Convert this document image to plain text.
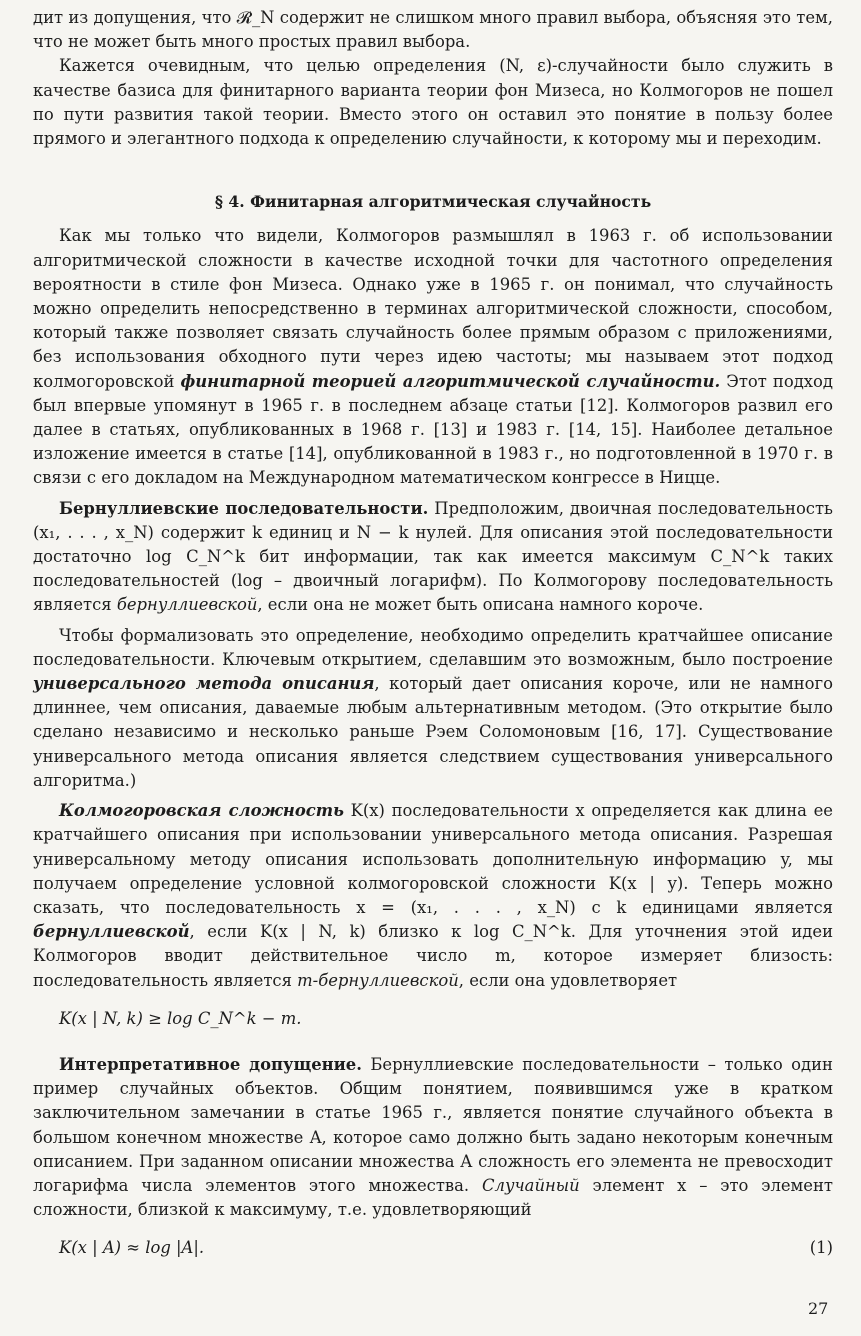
дит из допущения, что 𝓡_N содержит не слишком много правил выбора, объясняя это тем, что не может быть много простых правил выбора.

Кажется очевидным, что целью определения (N, ε)-случайности было служить в качестве базиса для финитарного варианта теории фон Мизеса, но Колмогоров не пошел по пути развития такой теории. Вместо этого он оставил это понятие в пользу более прямого и элегантного подхода к определению случайности, к которому мы и переходим.

§ 4. Финитарная алгоритмическая случайность

Как мы только что видели, Колмогоров размышлял в 1963 г. об использовании алгоритмической сложности в качестве исходной точки для частотного определения вероятности в стиле фон Мизеса. Однако уже в 1965 г. он понимал, что случайность можно определить непосредственно в терминах алгоритмической сложности, способом, который также позволяет связать случайность более прямым образом с приложениями, без использования обходного пути через идею частоты; мы называем этот подход колмогоровской финитарной теорией алгоритмической случайности. Этот подход был впервые упомянут в 1965 г. в последнем абзаце статьи [12]. Колмогоров развил его далее в статьях, опубликованных в 1968 г. [13] и 1983 г. [14, 15]. Наиболее детальное изложение имеется в статье [14], опубликованной в 1983 г., но подготовленной в 1970 г. в связи с его докладом на Международном математическом конгрессе в Ницце.

Бернуллиевские последовательности. Предположим, двоичная последовательность (x₁, . . . , x_N) содержит k единиц и N − k нулей. Для описания этой последовательности достаточно log C_N^k бит информации, так как имеется максимум C_N^k таких последовательностей (log – двоичный логарифм). По Колмогорову последовательность является бернуллиевской, если она не может быть описана намного короче.

Чтобы формализовать это определение, необходимо определить кратчайшее описание последовательности. Ключевым открытием, сделавшим это возможным, было построение универсального метода описания, который дает описания короче, или не намного длиннее, чем описания, даваемые любым альтернативным методом. (Это открытие было сделано независимо и несколько раньше Рэем Соломоновым [16, 17]. Существование универсального метода описания является следствием существования универсального алгоритма.)

Колмогоровская сложность K(x) последовательности x определяется как длина ее кратчайшего описания при использовании универсального метода описания. Разрешая универсальному методу описания использовать дополнительную информацию y, мы получаем определение условной колмогоровской сложности K(x | y). Теперь можно сказать, что последовательность x = (x₁, . . . , x_N) с k единицами является бернуллиевской, если K(x | N, k) близко к log C_N^k. Для уточнения этой идеи Колмогоров вводит действительное число m, которое измеряет близость: последовательность является m-бернуллиевской, если она удовлетворяет

K(x | N, k) ≥ log C_N^k − m.

Интерпретативное допущение. Бернуллиевские последовательности – только один пример случайных объектов. Общим понятием, появившимся уже в кратком заключительном замечании в статье 1965 г., является понятие случайного объекта в большом конечном множестве A, которое само должно быть задано некоторым конечным описанием. При заданном описании множества A сложность его элемента не превосходит логарифма числа элементов этого множества. Случайный элемент x – это элемент сложности, близкой к максимуму, т.е. удовлетворяющий

K(x | A) ≈ log |A|.	(1)

27
